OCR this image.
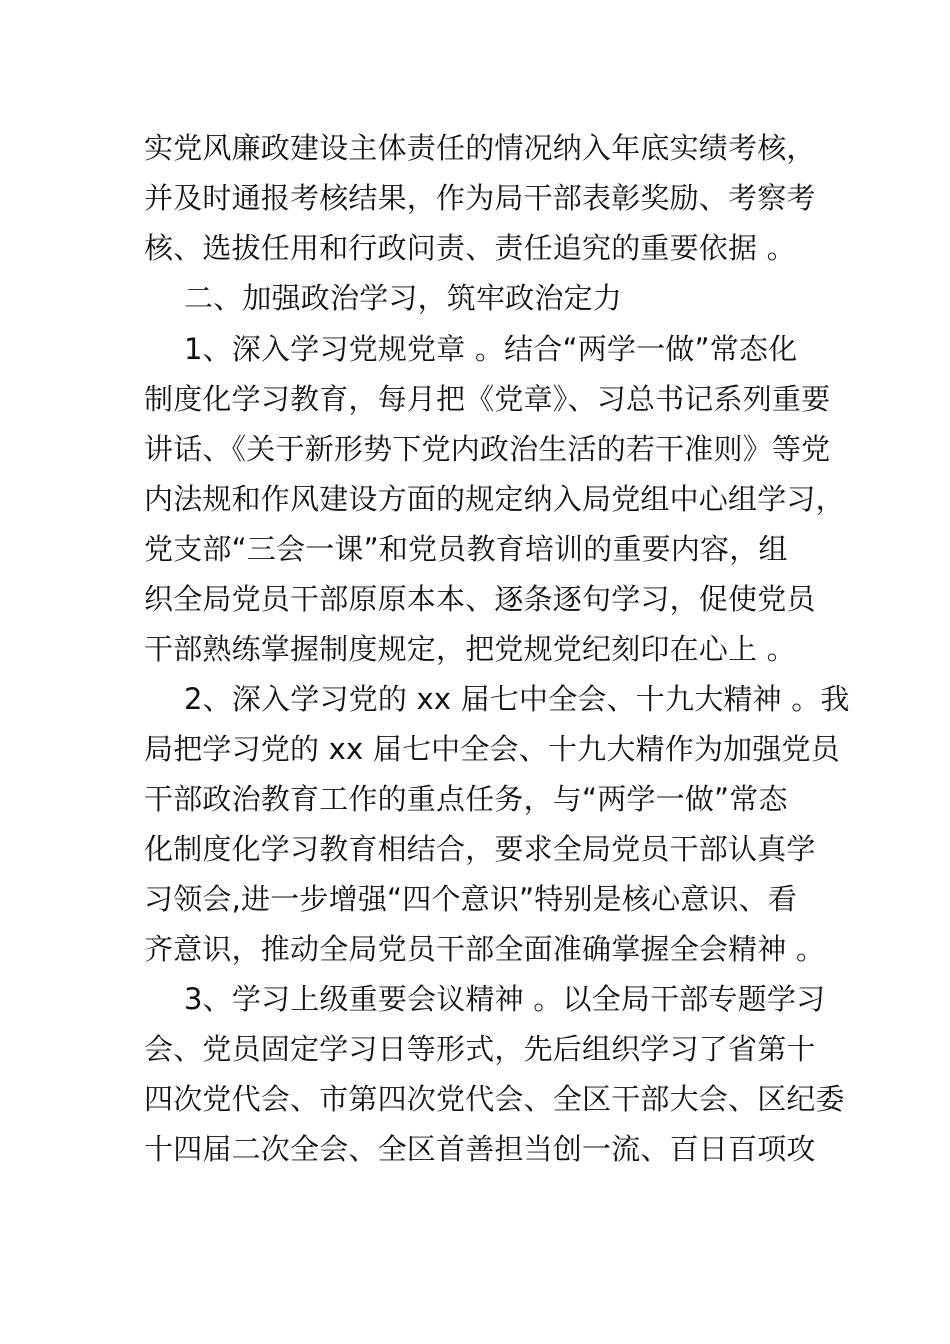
实党风廉政建设主体责任的情况纳入年底实绩考核，
并及时通报考核结果，作为局干部表彰奖励、考察考
核、选拔任用和行政问责、责任追究的重要依据 。
二、加强政治学习，筑牢政治定力
1、深入学习党规党章 。结合“两学一做”常态化
制度化学习教育，每月把《党章》、习总书记系列重要
讲话、《关于新形势下党内政治生活的若干准则》等党
内法规和作风建设方面的规定纳入局党组中心组学习，
党支部“三会一课”和党员教育培训的重要内容，组
织全局党员干部原原本本、逐条逐句学习，促使党员
干部熟练掌握制度规定，把党规党纪刻印在心上 。
2、深入学习党的 xx 届七中全会、十九大精神 。我
局把学习党的 xx 届七中全会、十九大精作为加强党员
干部政治教育工作的重点任务，与“两学一做”常态
化制度化学习教育相结合，要求全局党员干部认真学
习领会,进一步增强“四个意识”特别是核心意识、看
齐意识，推动全局党员干部全面准确掌握全会精神 。
3、学习上级重要会议精神 。以全局干部专题学习
会、党员固定学习日等形式，先后组织学习了省第十
四次党代会、市第四次党代会、全区干部大会、区纪委
十四届二次全会、全区首善担当创一流、百日百项攻
